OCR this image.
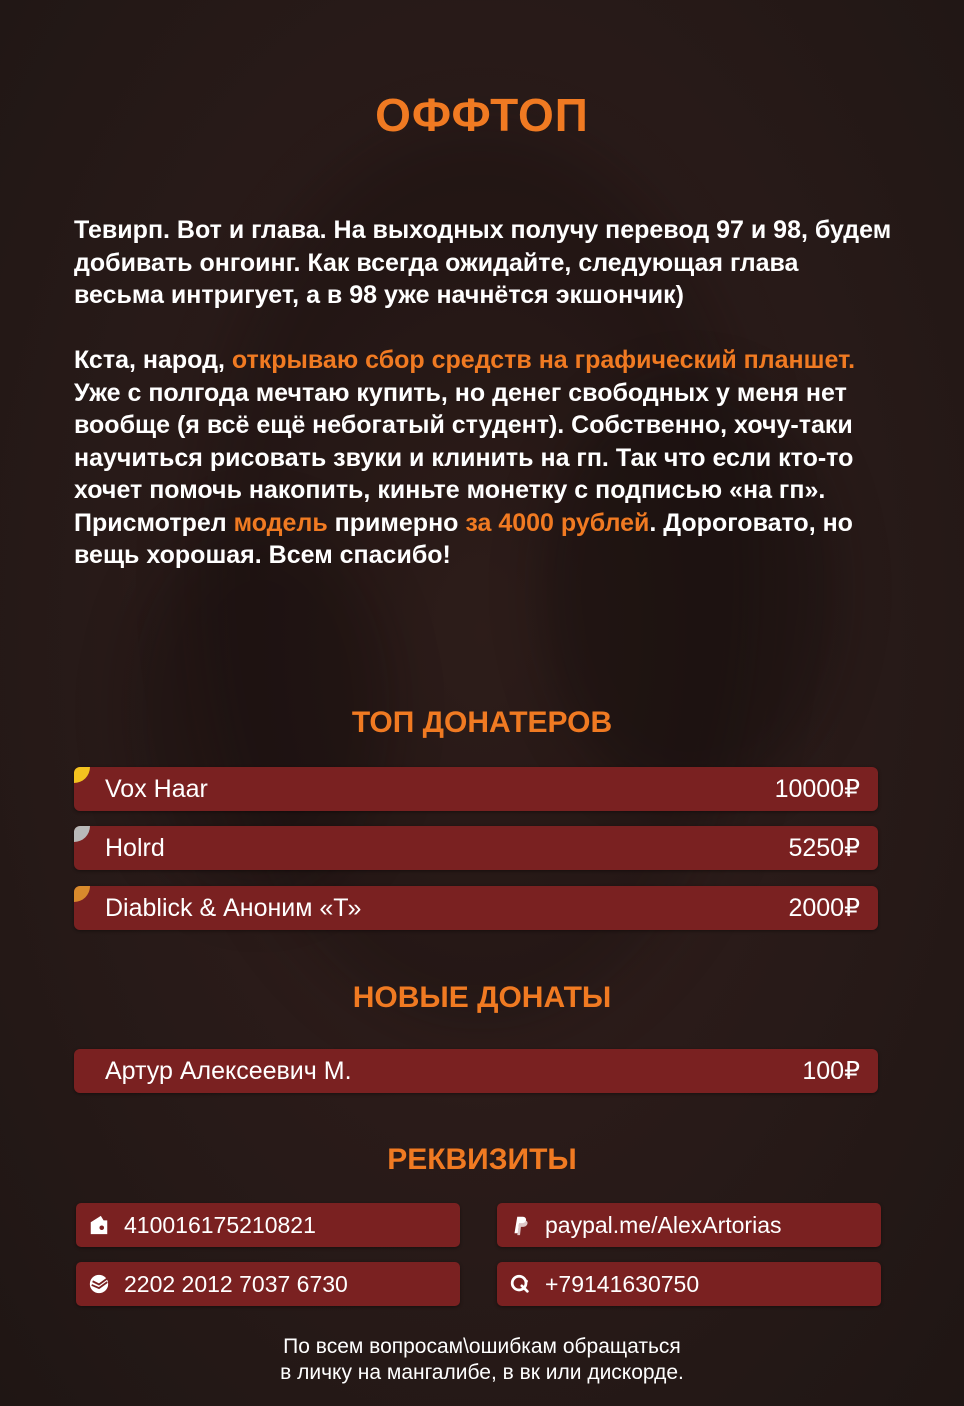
ОФФТОП

Тевирп. Вот и глава. На выходных получу перевод 97 и 98, будем добивать онгоинг. Как всегда ожидайте, следующая глава весьма интригует, а в 98 уже начнётся экшончик)

Кста, народ, открываю сбор средств на графический планшет. Уже с полгода мечтаю купить, но денег свободных у меня нет вообще (я всё ещё небогатый студент). Собственно, хочу-таки научиться рисовать звуки и клинить на гп. Так что если кто-то хочет помочь накопить, киньте монетку с подписью «на гп». Присмотрел модель примерно за 4000 рублей. Дороговато, но вещь хорошая. Всем спасибо!

ТОП ДОНАТЕРОВ
Vox Haar	10000₽
Holrd	5250₽
Diablick & Аноним «Т»	2000₽
НОВЫЕ ДОНАТЫ
Артур Алексеевич М.	100₽
РЕКВИЗИТЫ
410016175210821	paypal.me/AlexArtorias
2202 2012 7037 6730	+79141630750
По всем вопросам\ошибкам обращаться
в личку на мангалибе, в вк или дискорде.
